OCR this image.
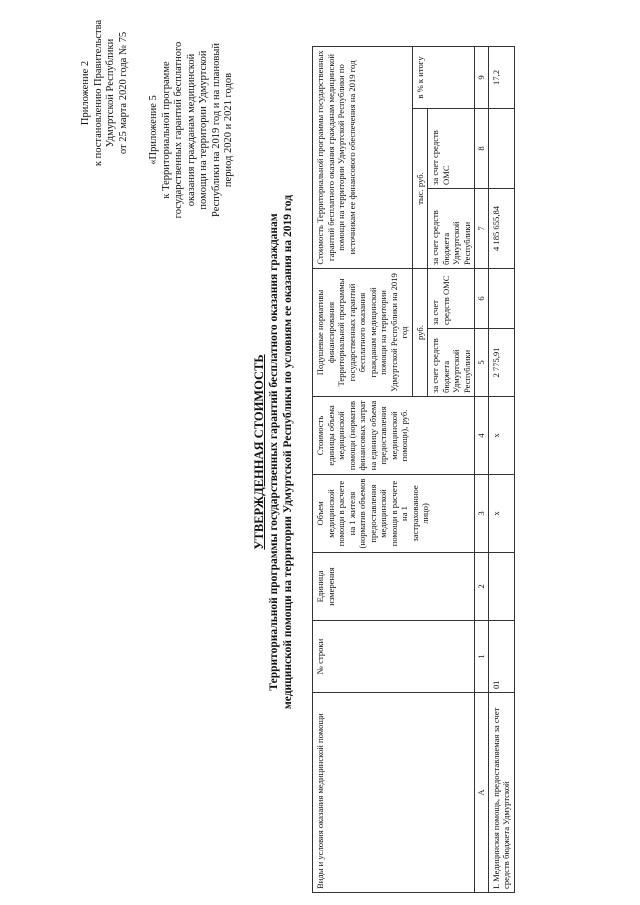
Приложение 2 к постановлению Правительства Удмуртской Республики от 25 марта 2020 года № 75 «Приложение 5 к Территориальной программе государственных гарантий бесплатного оказания гражданам медицинской помощи на территории Удмуртской Республики на 2019 год и на плановый период 2020 и 2021 годов
УТВЕРЖДЕННАЯ СТОИМОСТЬ Территориальной программы государственных гарантий бесплатного оказания гражданам медицинской помощи на территории Удмуртской Республики по условиям ее оказания на 2019 год
Виды и условия оказания медицинской помощи	№ строки	Единица измерения	Объем медицинской помощи в расчете на 1 жителя (норматив объемов предоставления медицинской помощи в расчете на 1 застрахованное лицо)	Стоимость единицы объема медицинской помощи (норматив финансовых затрат на единицу объема предоставления медицинской помощи), руб.	Подушевые нормативы финансирования Территориальной программы государственных гарантий бесплатного оказания гражданам медицинской помощи на территории Удмуртской Республики на 2019 год		Стоимость Территориальной программы государственных гарантий бесплатного оказания гражданам медицинской помощи на территории Удмуртской Республики по источникам ее финансового обеспечения на 2019 год		
					руб.		тыс. руб.		в % к итогу
					за счет средств бюджета Удмуртской Республики	за счет средств ОМС	за счет средств бюджета Удмуртской Республики	за счет средств ОМС	
А	1	2	3	4	5	6	7	8	9
I. Медицинская помощь, предоставляемая за счет средств бюджета Удмуртской	01		x	x	2 775,91		4 185 655,84		17,2
